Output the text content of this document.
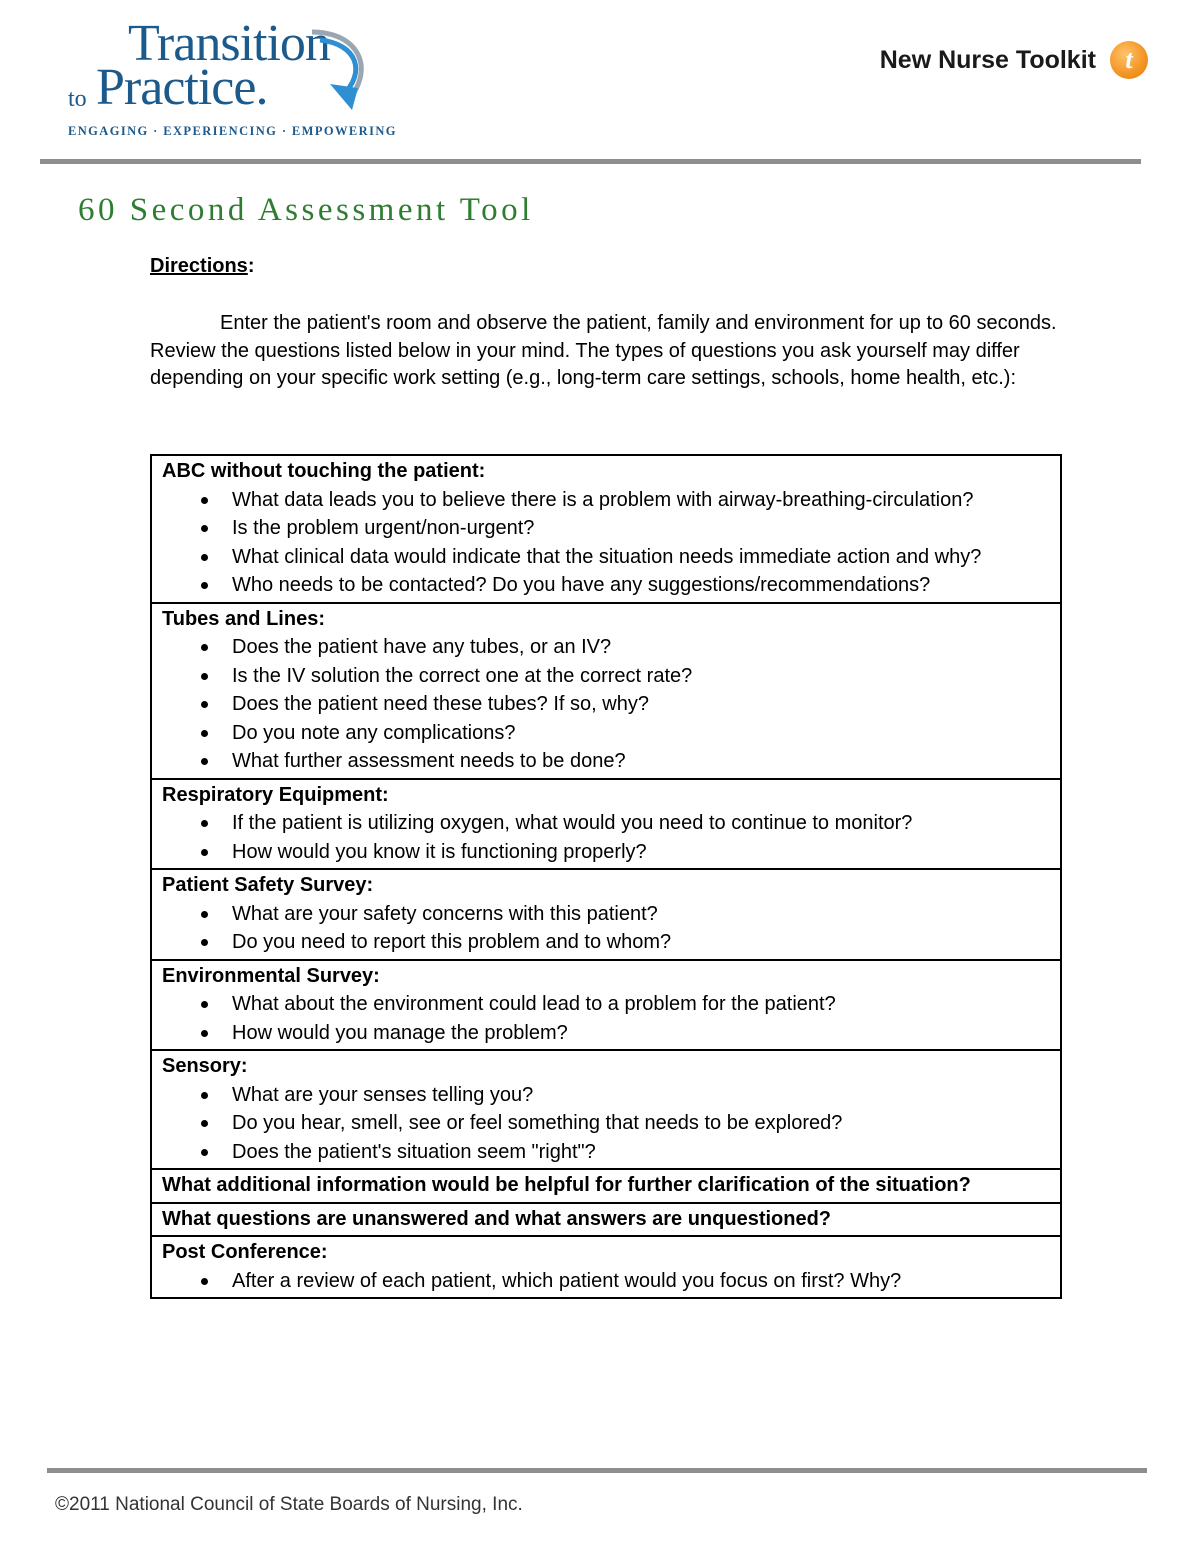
Transition
to Practice.
ENGAGING · EXPERIENCING · EMPOWERING
New Nurse Toolkit	t
60 Second Assessment Tool
Directions:
Enter the patient's room and observe the patient, family and environment for up to 60 seconds. Review the questions listed below in your mind. The types of questions you ask yourself may differ depending on your specific work setting (e.g., long-term care settings, schools, home health, etc.):
ABC without touching the patient:
What data leads you to believe there is a problem with airway-breathing-circulation?
Is the problem urgent/non-urgent?
What clinical data would indicate that the situation needs immediate action and why?
Who needs to be contacted? Do you have any suggestions/recommendations?

Tubes and Lines:
Does the patient have any tubes, or an IV?
Is the IV solution the correct one at the correct rate?
Does the patient need these tubes? If so, why?
Do you note any complications?
What further assessment needs to be done?

Respiratory Equipment:
If the patient is utilizing oxygen, what would you need to continue to monitor?
How would you know it is functioning properly?

Patient Safety Survey:
What are your safety concerns with this patient?
Do you need to report this problem and to whom?

Environmental Survey:
What about the environment could lead to a problem for the patient?
How would you manage the problem?

Sensory:
What are your senses telling you?
Do you hear, smell, see or feel something that needs to be explored?
Does the patient's situation seem "right"?

What additional information would be helpful for further clarification of the situation?

What questions are unanswered and what answers are unquestioned?

Post Conference:
After a review of each patient, which patient would you focus on first? Why?
©2011 National Council of State Boards of Nursing, Inc.
